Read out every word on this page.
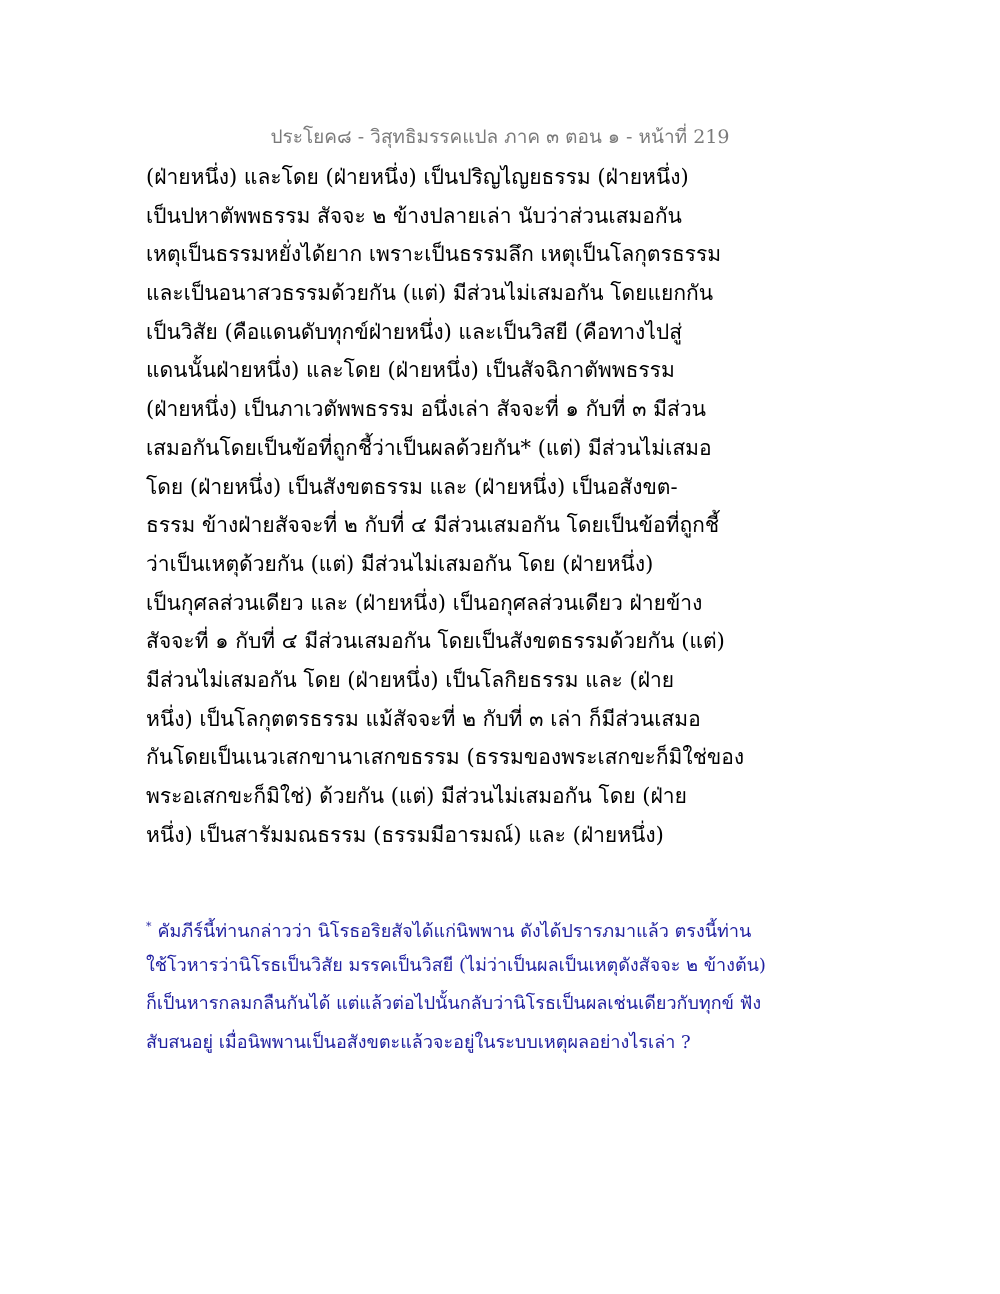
ประโยค๘ - วิสุทธิมรรคแปล ภาค ๓ ตอน ๑ - หน้าที่ 219
(ฝ่ายหนึ่ง) และโดย (ฝ่ายหนึ่ง) เป็นปริญไญยธรรม (ฝ่ายหนึ่ง)
เป็นปหาตัพพธรรม สัจจะ ๒ ข้างปลายเล่า นับว่าส่วนเสมอกัน
เหตุเป็นธรรมหยั่งได้ยาก เพราะเป็นธรรมลึก เหตุเป็นโลกุตรธรรม
และเป็นอนาสวธรรมด้วยกัน (แต่) มีส่วนไม่เสมอกัน โดยแยกกัน
เป็นวิสัย (คือแดนดับทุกข์ฝ่ายหนึ่ง) และเป็นวิสยี (คือทางไปสู่
แดนนั้นฝ่ายหนึ่ง) และโดย (ฝ่ายหนึ่ง) เป็นสัจฉิกาตัพพธรรม
(ฝ่ายหนึ่ง) เป็นภาเวตัพพธรรม อนึ่งเล่า สัจจะที่ ๑ กับที่ ๓ มีส่วน
เสมอกันโดยเป็นข้อที่ถูกชี้ว่าเป็นผลด้วยกัน* (แต่) มีส่วนไม่เสมอ
โดย (ฝ่ายหนึ่ง) เป็นสังขตธรรม และ (ฝ่ายหนึ่ง) เป็นอสังขต-
ธรรม ข้างฝ่ายสัจจะที่ ๒ กับที่ ๔ มีส่วนเสมอกัน โดยเป็นข้อที่ถูกชี้
ว่าเป็นเหตุด้วยกัน (แต่) มีส่วนไม่เสมอกัน โดย (ฝ่ายหนึ่ง)
เป็นกุศลส่วนเดียว และ (ฝ่ายหนึ่ง) เป็นอกุศลส่วนเดียว ฝ่ายข้าง
สัจจะที่ ๑ กับที่ ๔ มีส่วนเสมอกัน โดยเป็นสังขตธรรมด้วยกัน (แต่)
มีส่วนไม่เสมอกัน โดย (ฝ่ายหนึ่ง) เป็นโลกิยธรรม และ (ฝ่าย
หนึ่ง) เป็นโลกุตตรธรรม แม้สัจจะที่ ๒ กับที่ ๓ เล่า ก็มีส่วนเสมอ
กันโดยเป็นเนวเสกขานาเสกขธรรม (ธรรมของพระเสกขะก็มิใช่ของ
พระอเสกขะก็มิใช่) ด้วยกัน (แต่) มีส่วนไม่เสมอกัน โดย (ฝ่าย
หนึ่ง) เป็นสารัมมณธรรม (ธรรมมีอารมณ์) และ (ฝ่ายหนึ่ง)
* คัมภีร์นี้ท่านกล่าวว่า นิโรธอริยสัจได้แก่นิพพาน ดังได้ปรารภมาแล้ว ตรงนี้ท่าน
ใช้โวหารว่านิโรธเป็นวิสัย มรรคเป็นวิสยี (ไม่ว่าเป็นผลเป็นเหตุดังสัจจะ ๒ ข้างต้น)
ก็เป็นหารกลมกลืนกันได้ แต่แล้วต่อไปนั้นกลับว่านิโรธเป็นผลเช่นเดียวกับทุกข์ ฟัง
สับสนอยู่ เมื่อนิพพานเป็นอสังขตะแล้วจะอยู่ในระบบเหตุผลอย่างไรเล่า ?
